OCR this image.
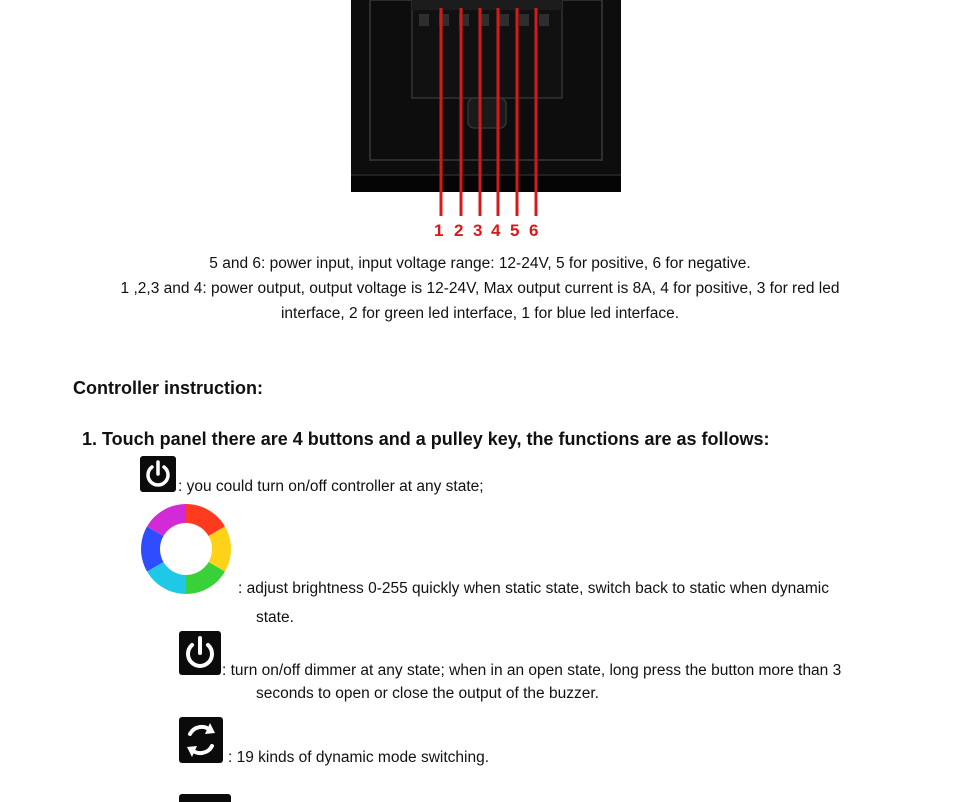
1 2 3 4 5 6
5 and 6: power input, input voltage range: 12-24V, 5 for positive, 6 for negative.
1 ,2,3 and 4: power output, output voltage is 12-24V, Max output current is 8A, 4 for positive, 3 for red led
interface, 2 for green led interface, 1 for blue led interface.
Controller instruction:
1. Touch panel there are 4 buttons and a pulley key, the functions are as follows:
: you could turn on/off controller at any state;
: adjust brightness 0-255 quickly when static state, switch back to static when dynamic
state.
: turn on/off dimmer at any state; when in an open state, long press the button more than 3
seconds to open or close the output of the buzzer.
: 19 kinds of dynamic mode switching.
